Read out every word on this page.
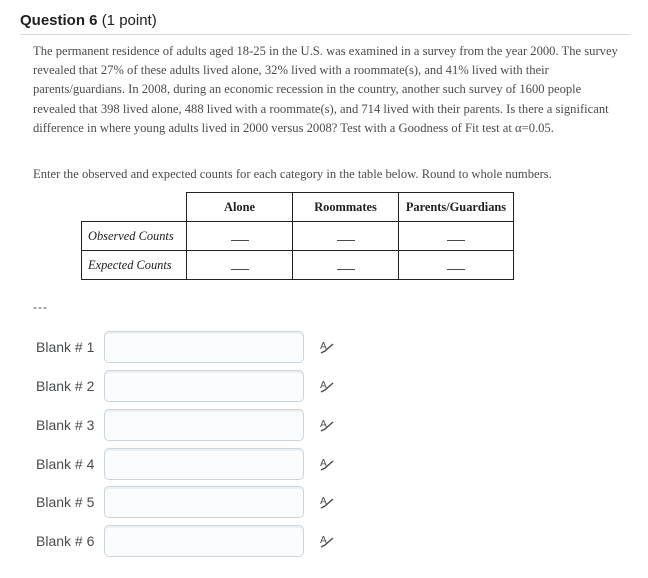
Question 6 (1 point)
The permanent residence of adults aged 18-25 in the U.S. was examined in a survey from the year 2000. The survey revealed that 27% of these adults lived alone, 32% lived with a roommate(s), and 41% lived with their parents/guardians. In 2008, during an economic recession in the country, another such survey of 1600 people revealed that 398 lived alone, 488 lived with a roommate(s), and 714 lived with their parents. Is there a significant difference in where young adults lived in 2000 versus 2008? Test with a Goodness of Fit test at α=0.05.
Enter the observed and expected counts for each category in the table below. Round to whole numbers.
	Alone	Roommates	Parents/Guardians
Observed Counts			
Expected Counts			
---
Blank # 1	A
Blank # 2	A
Blank # 3	A
Blank # 4	A
Blank # 5	A
Blank # 6	A
